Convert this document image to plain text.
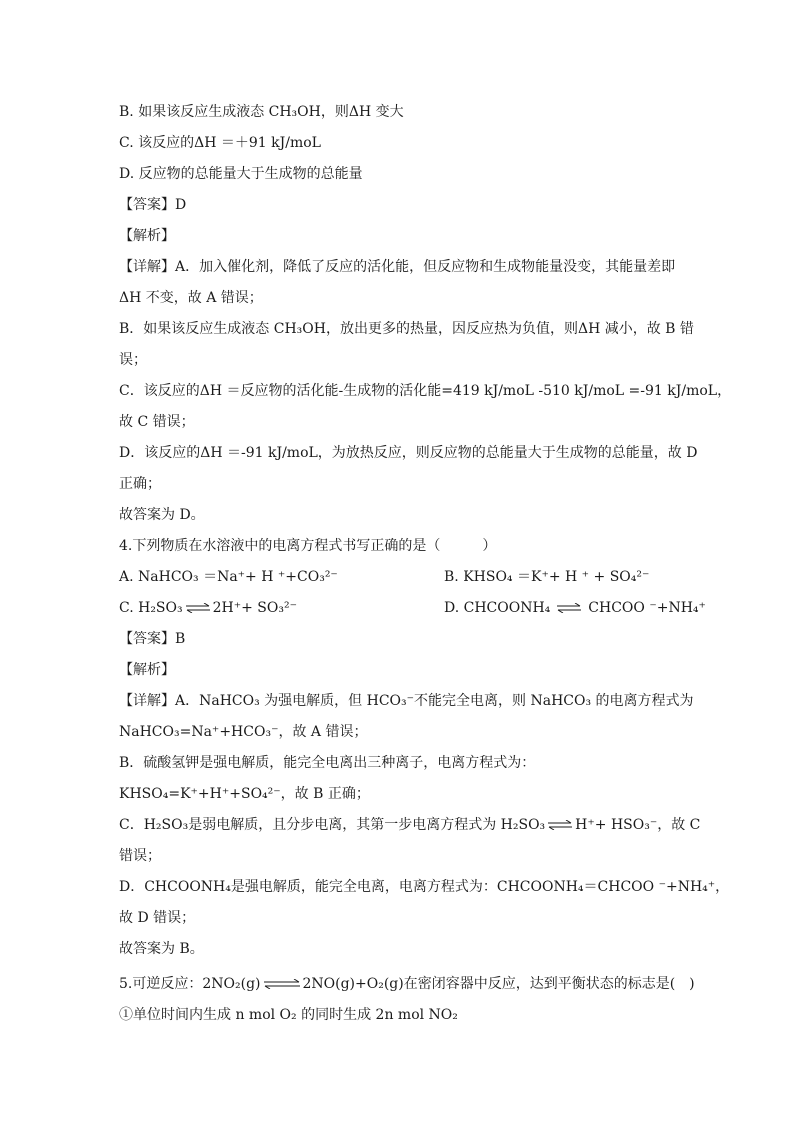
B. 如果该反应生成液态 CH₃OH，则ΔH 变大
C. 该反应的ΔH ＝＋91 kJ/moL
D. 反应物的总能量大于生成物的总能量
【答案】D
【解析】
【详解】A．加入催化剂，降低了反应的活化能，但反应物和生成物能量没变，其能量差即
ΔH 不变，故 A 错误；
B．如果该反应生成液态 CH₃OH，放出更多的热量，因反应热为负值，则ΔH 减小，故 B 错
误；
C．该反应的ΔH ＝反应物的活化能-生成物的活化能=419 kJ/moL -510 kJ/moL =-91 kJ/moL，
故 C 错误；
D．该反应的ΔH ＝-91 kJ/moL，为放热反应，则反应物的总能量大于生成物的总能量，故 D
正确；
故答案为 D。
4.下列物质在水溶液中的电离方程式书写正确的是（　　　）
A. NaHCO₃ ＝Na⁺+ H ⁺+CO₃²⁻	B. KHSO₄ ＝K⁺+ H ⁺ + SO₄²⁻
C. H₂SO₃ ⇌ 2H⁺+ SO₃²⁻	D. CHCOONH₄ ⇌ CHCOO ⁻+NH₄⁺
【答案】B
【解析】
【详解】A．NaHCO₃ 为强电解质，但 HCO₃⁻不能完全电离，则 NaHCO₃ 的电离方程式为
NaHCO₃=Na⁺+HCO₃⁻，故 A 错误；
B．硫酸氢钾是强电解质，能完全电离出三种离子，电离方程式为：
KHSO₄=K⁺+H⁺+SO₄²⁻，故 B 正确；
C．H₂SO₃是弱电解质，且分步电离，其第一步电离方程式为 H₂SO₃ ⇌ H⁺+ HSO₃⁻，故 C
错误；
D．CHCOONH₄是强电解质，能完全电离，电离方程式为：CHCOONH₄＝CHCOO ⁻+NH₄⁺，
故 D 错误；
故答案为 B。
5.可逆反应：2NO₂(g) ⇌ 2NO(g)+O₂(g)在密闭容器中反应，达到平衡状态的标志是(　)
①单位时间内生成 n mol O₂ 的同时生成 2n mol NO₂
